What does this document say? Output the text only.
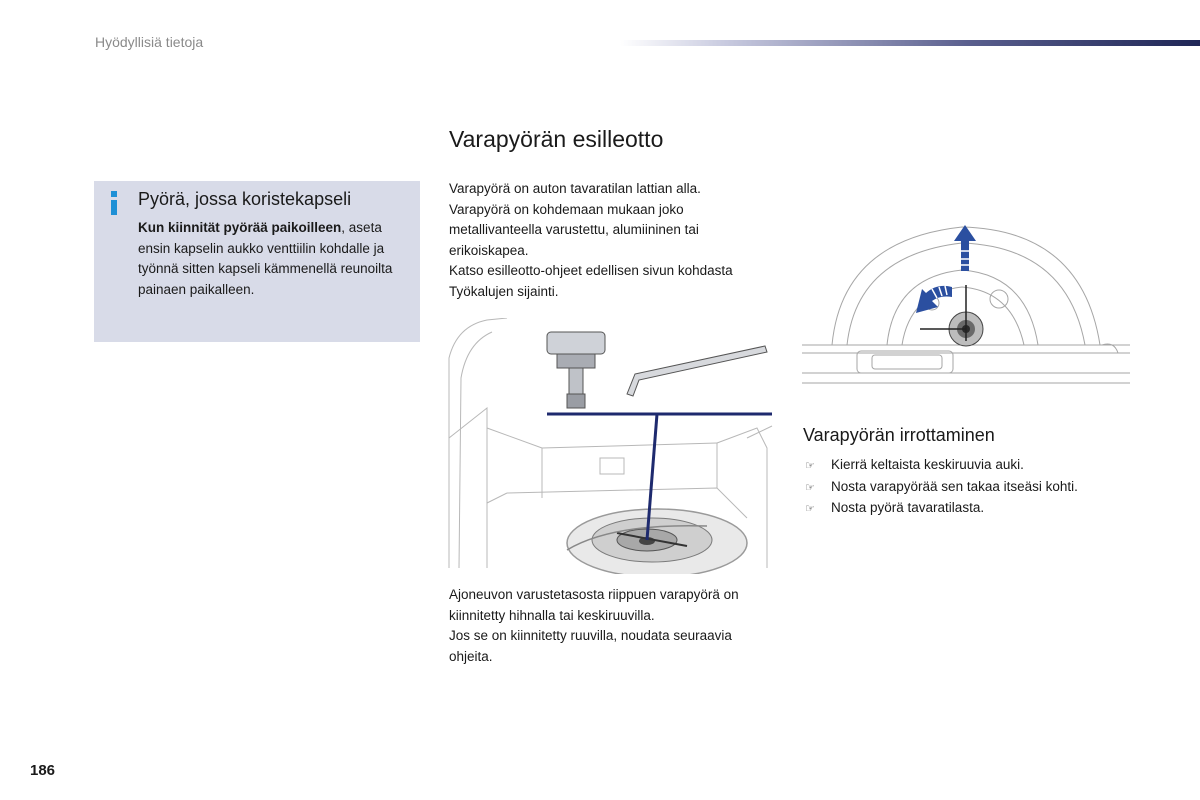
Hyödyllisiä tietoja
Pyörä, jossa koristekapseli
Kun kiinnität pyörää paikoilleen, aseta ensin kapselin aukko venttiilin kohdalle ja työnnä sitten kapseli kämmenellä reunoilta painaen paikalleen.
Varapyörän esilleotto

Varapyörä on auton tavaratilan lattian alla.

Varapyörä on kohdemaan mukaan joko metallivanteella varustettu, alumiininen tai erikoiskapea.

Katso esilleotto-ohjeet edellisen sivun kohdasta Työkalujen sijainti.

Ajoneuvon varustetasosta riippuen varapyörä on kiinnitetty hihnalla tai keskiruuvilla.

Jos se on kiinnitetty ruuvilla, noudata seuraavia ohjeita.

Varapyörän irrottaminen
☞	Kierrä keltaista keskiruuvia auki.
☞	Nosta varapyörää sen takaa itseäsi kohti.
☞	Nosta pyörä tavaratilasta.
186
